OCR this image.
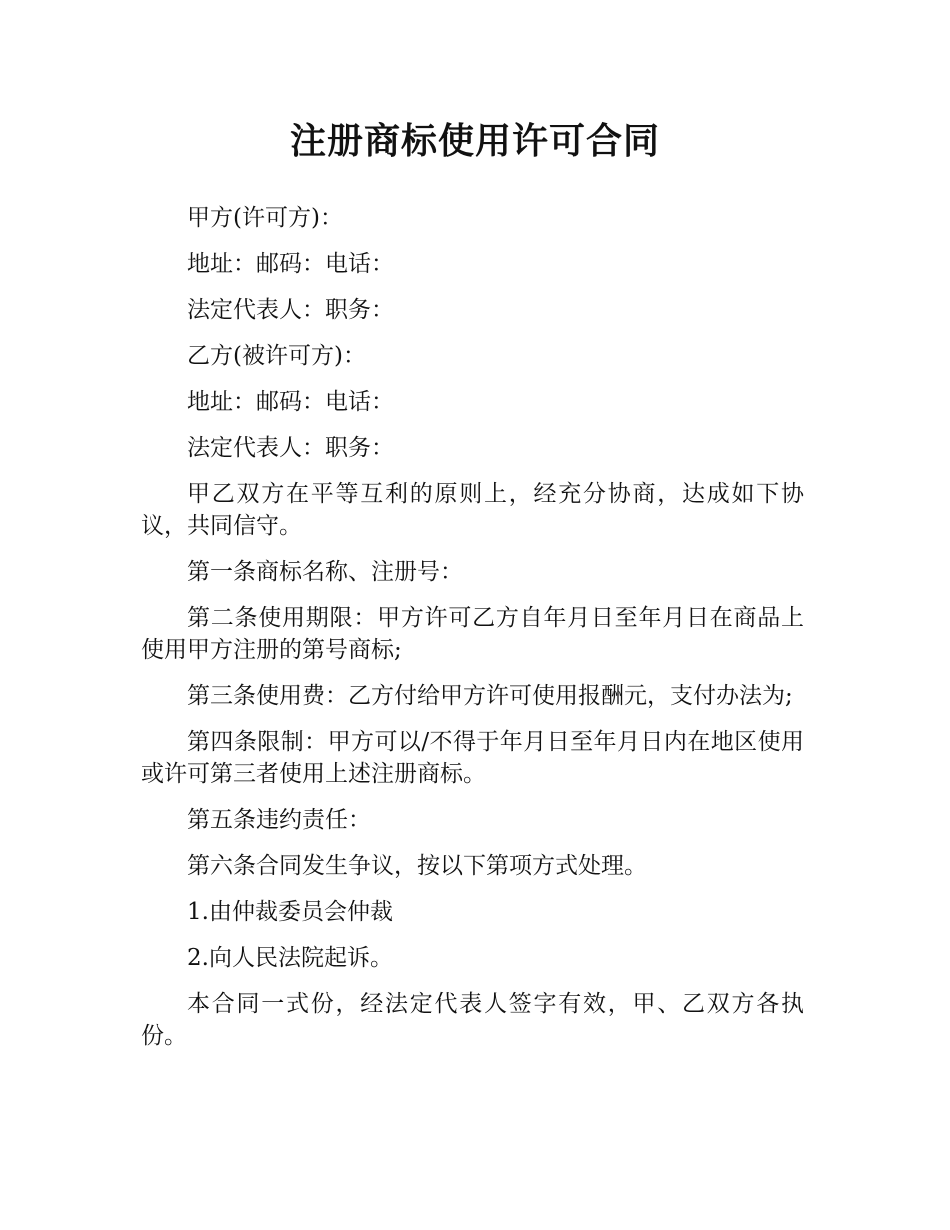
注册商标使用许可合同

甲方(许可方)：

地址：邮码：电话：

法定代表人：职务：

乙方(被许可方)：

地址：邮码：电话：

法定代表人：职务：

甲乙双方在平等互利的原则上，经充分协商，达成如下协议，共同信守。

第一条商标名称、注册号：

第二条使用期限：甲方许可乙方自年月日至年月日在商品上使用甲方注册的第号商标;

第三条使用费：乙方付给甲方许可使用报酬元，支付办法为;

第四条限制：甲方可以/不得于年月日至年月日内在地区使用或许可第三者使用上述注册商标。

第五条违约责任：

第六条合同发生争议，按以下第项方式处理。

1.由仲裁委员会仲裁

2.向人民法院起诉。

本合同一式份，经法定代表人签字有效，甲、乙双方各执份。
